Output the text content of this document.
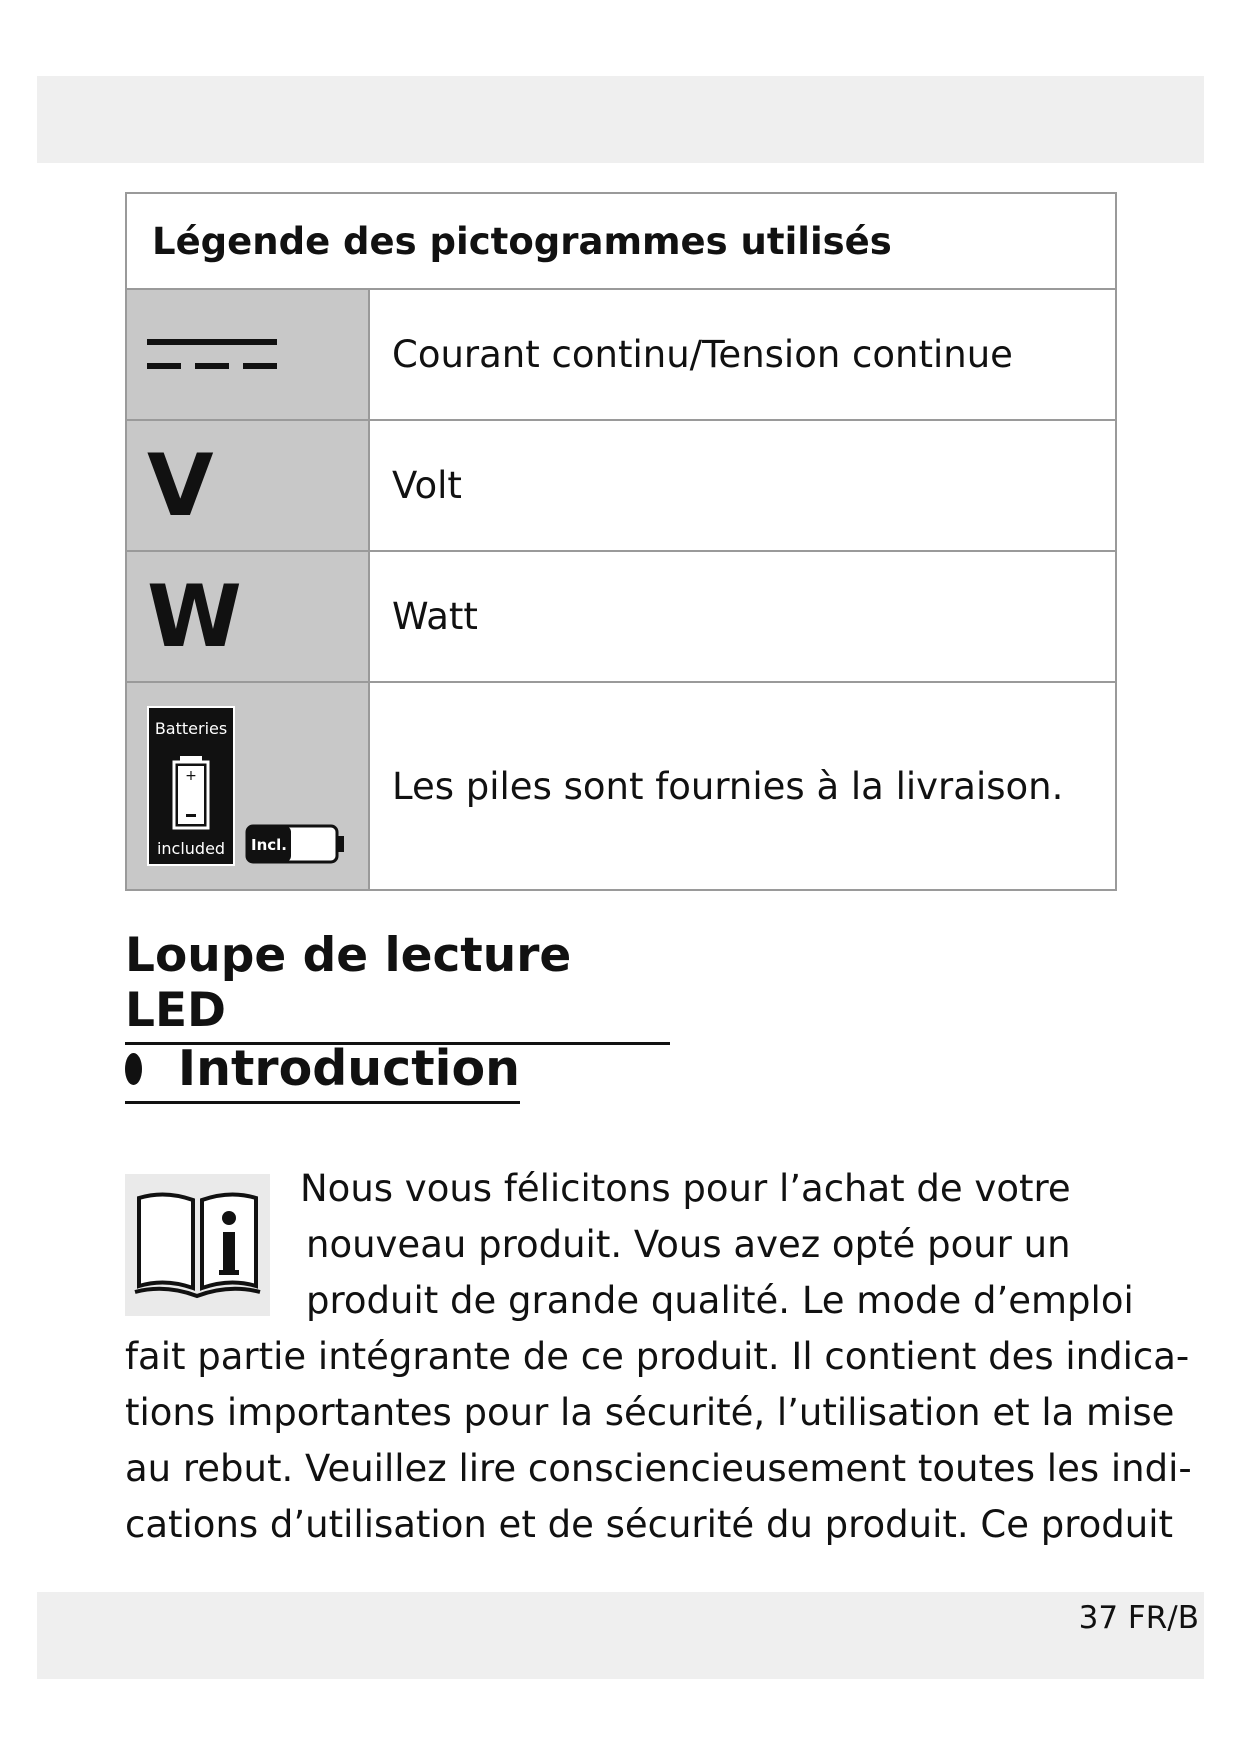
Légende des pictogrammes utilisés
Courant continu/Tension continue
V	Volt
W	Watt
Batteries
+
included Incl.
Les piles sont fournies à la livraison.
Loupe de lecture LED
Introduction
Nous vous félicitons pour l’achat de votre
nouveau produit. Vous avez opté pour un
produit de grande qualité. Le mode d’emploi
fait partie intégrante de ce produit. Il contient des indica-
tions importantes pour la sécurité, l’utilisation et la mise
au rebut. Veuillez lire consciencieusement toutes les indi-
cations d’utilisation et de sécurité du produit. Ce produit
37 FR/B
